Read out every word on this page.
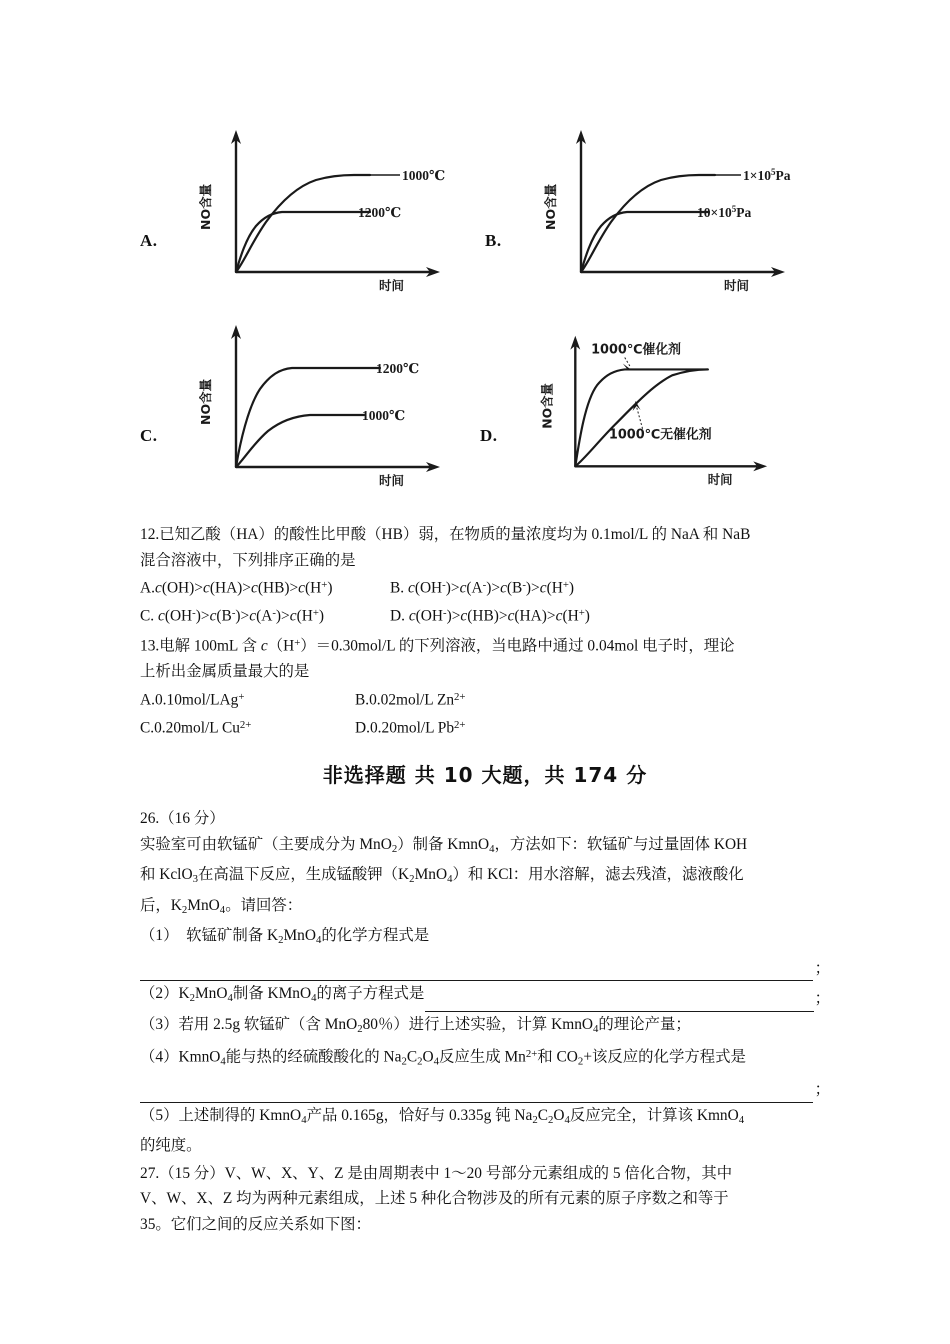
A.
NO含量
时间
1000℃
1200℃
B.
NO含量
时间
$1\times 10^5Pa$
$10\times 10^5Pa$
C.
NO含量
时间
1200℃
1000℃
D.
NO含量
时间
1000℃催化剂
1000℃无催化剂

12.已知乙酸（HA）的酸性比甲酸（HB）弱，在物质的量浓度均为 0.1mol/L 的 NaA 和 NaB

混合溶液中，下列排序正确的是

A.c(OH)>c(HA)>c(HB)>c(H+)	B. c(OH-)>c(A-)>c(B-)>c(H+)
C. c(OH-)>c(B-)>c(A-)>c(H+)	D. c(OH-)>c(HB)>c(HA)>c(H+)

13.电解 100mL 含 c（H+）＝0.30mol/L 的下列溶液，当电路中通过 0.04mol 电子时，理论

上析出金属质量最大的是

A.0.10mol/LAg+	B.0.02mol/L $Zn^{2+}$
C.0.20mol/L $Cu^{2+}$	D.0.20mol/L $Pb^{2+}$
非选择题 共 10 大题，共 174 分

26.（16 分）

实验室可由软锰矿（主要成分为 MnO$_2$）制备 KmnO$_4$，方法如下：软锰矿与过量固体 KOH

和 KclO$_3$在高温下反应，生成锰酸钾$(K_2MnO_4)$和 KCl：用水溶解，滤去残渣，滤液酸化

后，$K_2MnO_4$。请回答：

（1）　软锰矿制备 $K_2MnO_4$的化学方程式是

；
$(2)K_2MnO_4$制备 KMnO$_4$的离子方程式是	；

（3）若用 2.5g 软锰矿（含 MnO$_2$80％）进行上述实验，计算 KmnO$_4$的理论产量；

（4）KmnO$_4$能与热的经硫酸酸化的 $Na_2C_2O_4$反应生成 $Mn^{2+}$和 $CO_2+$该反应的化学方程式是

；

（5）上述制得的 KmnO$_4$产品 0.165g，恰好与 0.335g 钝 $Na_2C_2O_4$反应完全，计算该 KmnO$_4$

的纯度。

27.（15 分）V、W、X、Y、Z 是由周期表中 1～20 号部分元素组成的 5 倍化合物，其中

V、W、X、Z 均为两种元素组成，上述 5 种化合物涉及的所有元素的原子序数之和等于

35。它们之间的反应关系如下图：
